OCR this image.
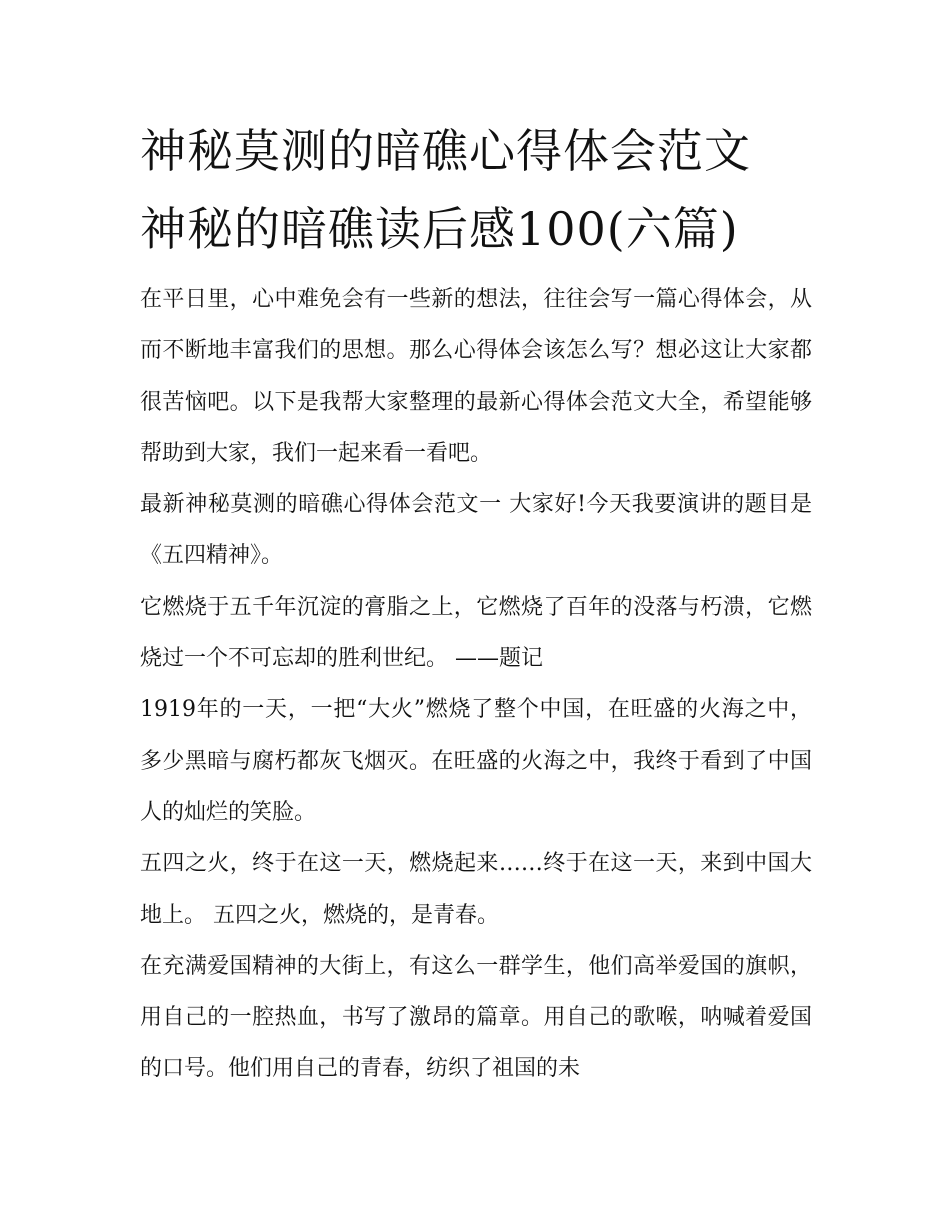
神秘莫测的暗礁心得体会范文
神秘的暗礁读后感100(六篇)

在平日里，心中难免会有一些新的想法，往往会写一篇心得体会，从而不断地丰富我们的思想。那么心得体会该怎么写？想必这让大家都很苦恼吧。以下是我帮大家整理的最新心得体会范文大全，希望能够帮助到大家，我们一起来看一看吧。

最新神秘莫测的暗礁心得体会范文一 大家好!今天我要演讲的题目是《五四精神》。

它燃烧于五千年沉淀的膏脂之上，它燃烧了百年的没落与朽溃，它燃烧过一个不可忘却的胜利世纪。 ——题记

1919年的一天，一把“大火”燃烧了整个中国，在旺盛的火海之中，多少黑暗与腐朽都灰飞烟灭。在旺盛的火海之中，我终于看到了中国人的灿烂的笑脸。

五四之火，终于在这一天，燃烧起来……终于在这一天，来到中国大地上。 五四之火，燃烧的，是青春。

在充满爱国精神的大街上，有这么一群学生，他们高举爱国的旗帜，用自己的一腔热血，书写了激昂的篇章。用自己的歌喉，呐喊着爱国的口号。他们用自己的青春，纺织了祖国的未
